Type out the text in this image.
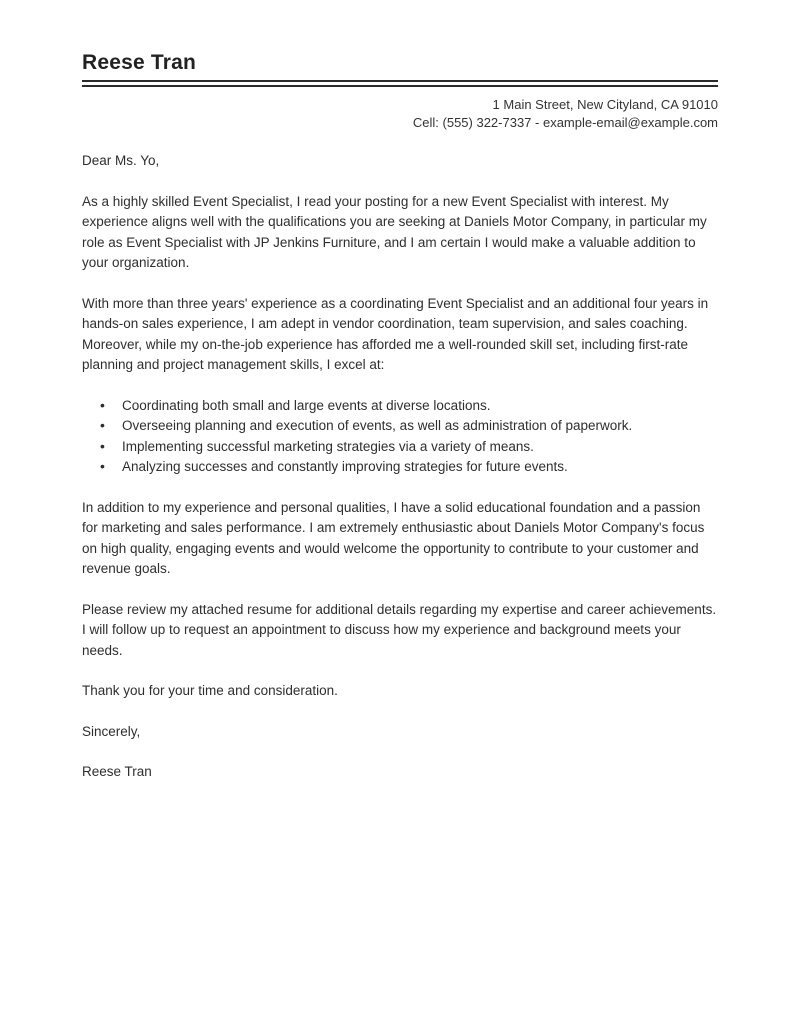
Reese Tran
1 Main Street, New Cityland, CA 91010
Cell: (555) 322-7337 - example-email@example.com

Dear Ms. Yo,

As a highly skilled Event Specialist, I read your posting for a new Event Specialist with interest. My experience aligns well with the qualifications you are seeking at Daniels Motor Company, in particular my role as Event Specialist with JP Jenkins Furniture, and I am certain I would make a valuable addition to your organization.

With more than three years' experience as a coordinating Event Specialist and an additional four years in hands-on sales experience, I am adept in vendor coordination, team supervision, and sales coaching. Moreover, while my on-the-job experience has afforded me a well-rounded skill set, including first-rate planning and project management skills, I excel at:

• Coordinating both small and large events at diverse locations.
• Overseeing planning and execution of events, as well as administration of paperwork.
• Implementing successful marketing strategies via a variety of means.
• Analyzing successes and constantly improving strategies for future events.

In addition to my experience and personal qualities, I have a solid educational foundation and a passion for marketing and sales performance. I am extremely enthusiastic about Daniels Motor Company's focus on high quality, engaging events and would welcome the opportunity to contribute to your customer and revenue goals.

Please review my attached resume for additional details regarding my expertise and career achievements. I will follow up to request an appointment to discuss how my experience and background meets your needs.

Thank you for your time and consideration.

Sincerely,

Reese Tran
